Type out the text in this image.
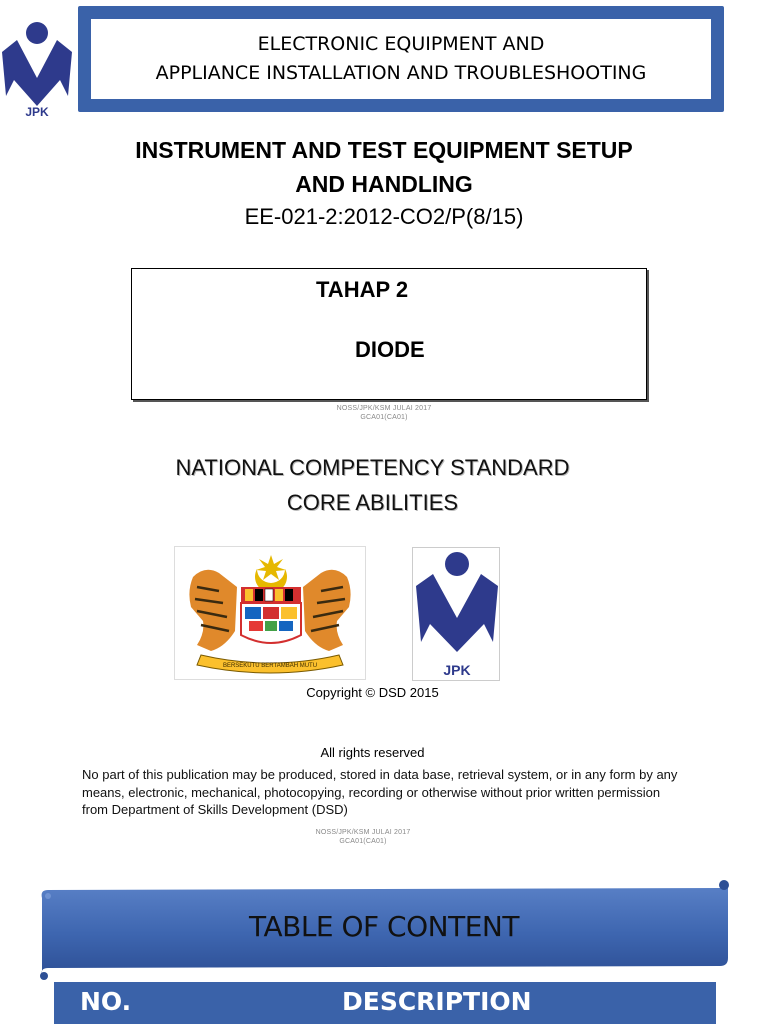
JPK
ELECTRONIC EQUIPMENT AND
APPLIANCE INSTALLATION AND TROUBLESHOOTING
INSTRUMENT AND TEST EQUIPMENT SETUP
AND HANDLING
EE-021-2:2012-CO2/P(8/15)
TAHAP 2
DIODE
NOSS/JPK/KSM JULAI 2017
GCA01(CA01)
NATIONAL COMPETENCY STANDARD
CORE ABILITIES
BERSEKUTU BERTAMBAH MUTU	JPK
Copyright © DSD 2015
All rights reserved
No part of this publication may be produced, stored in data base, retrieval system, or in any form by any means, electronic, mechanical, photocopying, recording or otherwise without prior written permission from Department of Skills Development (DSD)
NOSS/JPK/KSM JULAI 2017
GCA01(CA01)
TABLE OF CONTENT
NO.	DESCRIPTION
